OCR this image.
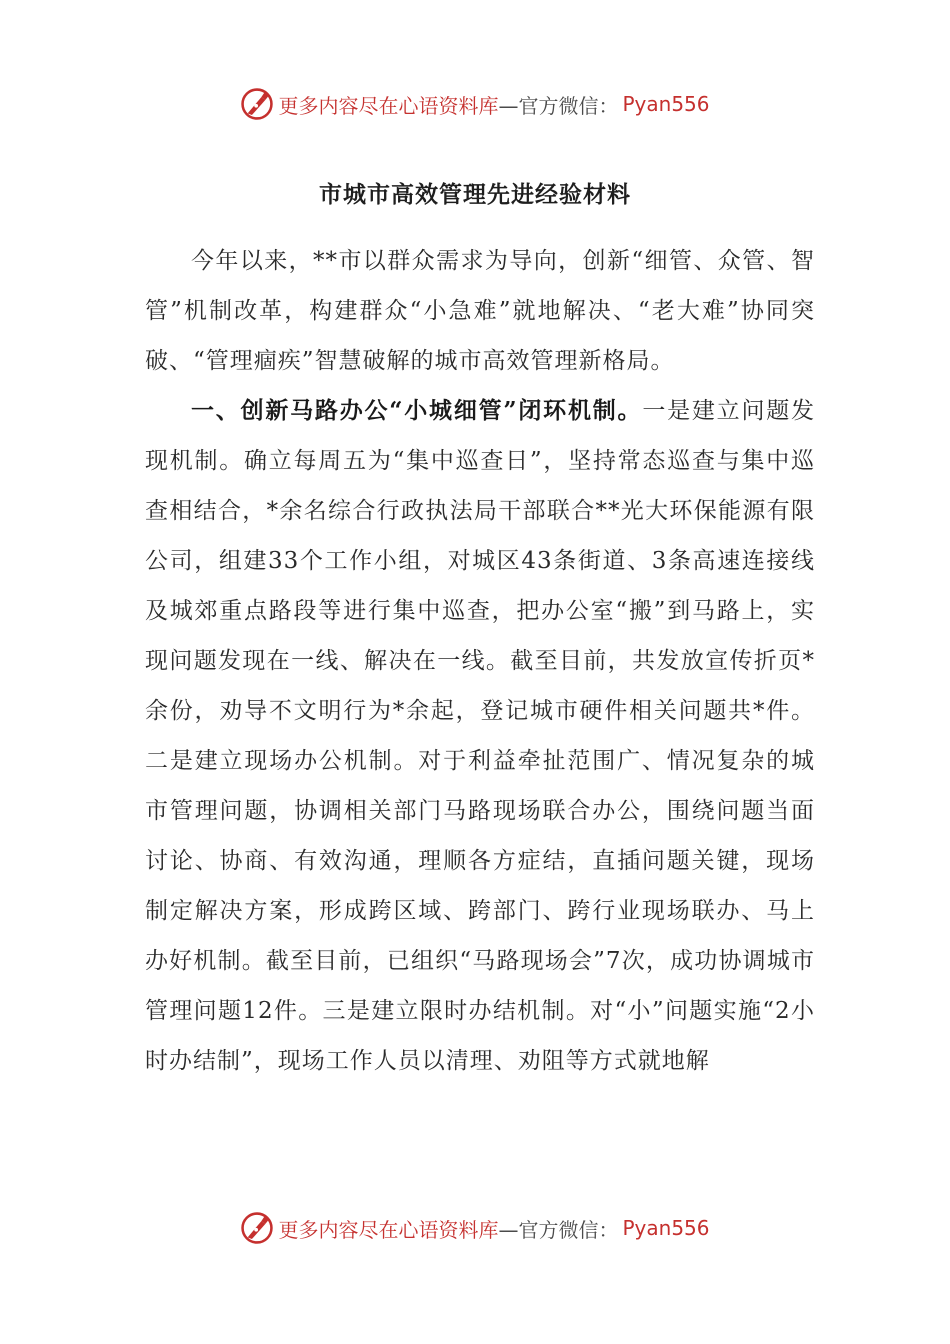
更多内容尽在心语资料库 —官方微信： Pyan556
市城市高效管理先进经验材料

今年以来，**市以群众需求为导向，创新“细管、众管、智管”机制改革，构建群众“小急难”就地解决、“老大难”协同突破、“管理痼疾”智慧破解的城市高效管理新格局。

一、创新马路办公“小城细管”闭环机制。一是建立问题发现机制。确立每周五为“集中巡查日”，坚持常态巡查与集中巡查相结合，*余名综合行政执法局干部联合**光大环保能源有限公司，组建33个工作小组，对城区43条街道、3条高速连接线及城郊重点路段等进行集中巡查，把办公室“搬”到马路上，实现问题发现在一线、解决在一线。截至目前，共发放宣传折页*余份，劝导不文明行为*余起，登记城市硬件相关问题共*件。二是建立现场办公机制。对于利益牵扯范围广、情况复杂的城市管理问题，协调相关部门马路现场联合办公，围绕问题当面讨论、协商、有效沟通，理顺各方症结，直插问题关键，现场制定解决方案，形成跨区域、跨部门、跨行业现场联办、马上办好机制。截至目前，已组织“马路现场会”7次，成功协调城市管理问题12件。三是建立限时办结机制。对“小”问题实施“2小时办结制”，现场工作人员以清理、劝阻等方式就地解

更多内容尽在心语资料库 —官方微信： Pyan556
